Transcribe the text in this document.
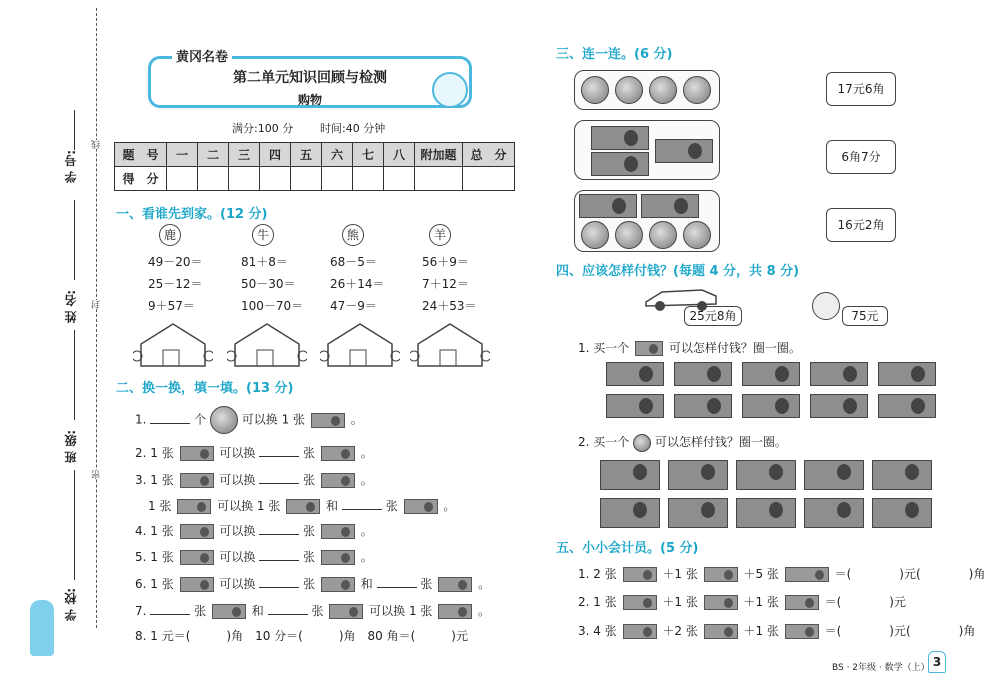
学 号:
姓 名:
班 级:
学 校:
密
封
线
第二单元知识回顾与检测
购物
黄冈名卷
满分:100 分 时间:40 分钟
题　号	一	二	三	四	五	六	七	八	附加题	总　分
得　分										
一、看谁先到家。(12 分)
鹿	牛	熊	羊
49－20＝
25－12＝
9＋57＝
81＋8＝
50－30＝
100－70＝
68－5＝
26＋14＝
47－9＝
56＋9＝
7＋12＝
24＋53＝
二、换一换，填一填。(13 分)
1.	个	可以换 1 张	。
2. 1 张	可以换	张	。
3. 1 张	可以换	张	。
1 张	可以换 1 张	和	张	。
4. 1 张	可以换	张	。
5. 1 张	可以换	张	。
6. 1 张	可以换	张	和	张	。
7.	张	和	张	可以换 1 张	。
8. 1 元＝(　　　)角　10 分＝(　　　)角　80 角＝(　　　)元
三、连一连。(6 分)
17元6角
6角7分
16元2角
四、应该怎样付钱？(每题 4 分，共 8 分)
25元8角	75元
1. 买一个	可以怎样付钱？圈一圈。
2. 买一个 可以怎样付钱？圈一圈。
五、小小会计员。(5 分)
1. 2 张	＋1 张	＋5 张	＝(　　　　)元(　　　　)角
2. 1 张	＋1 张	＋1 张	＝(　　　　)元
3. 4 张	＋2 张	＋1 张	＝(　　　　)元(　　　　)角
BS · 2年级 · 数学（上） 3
